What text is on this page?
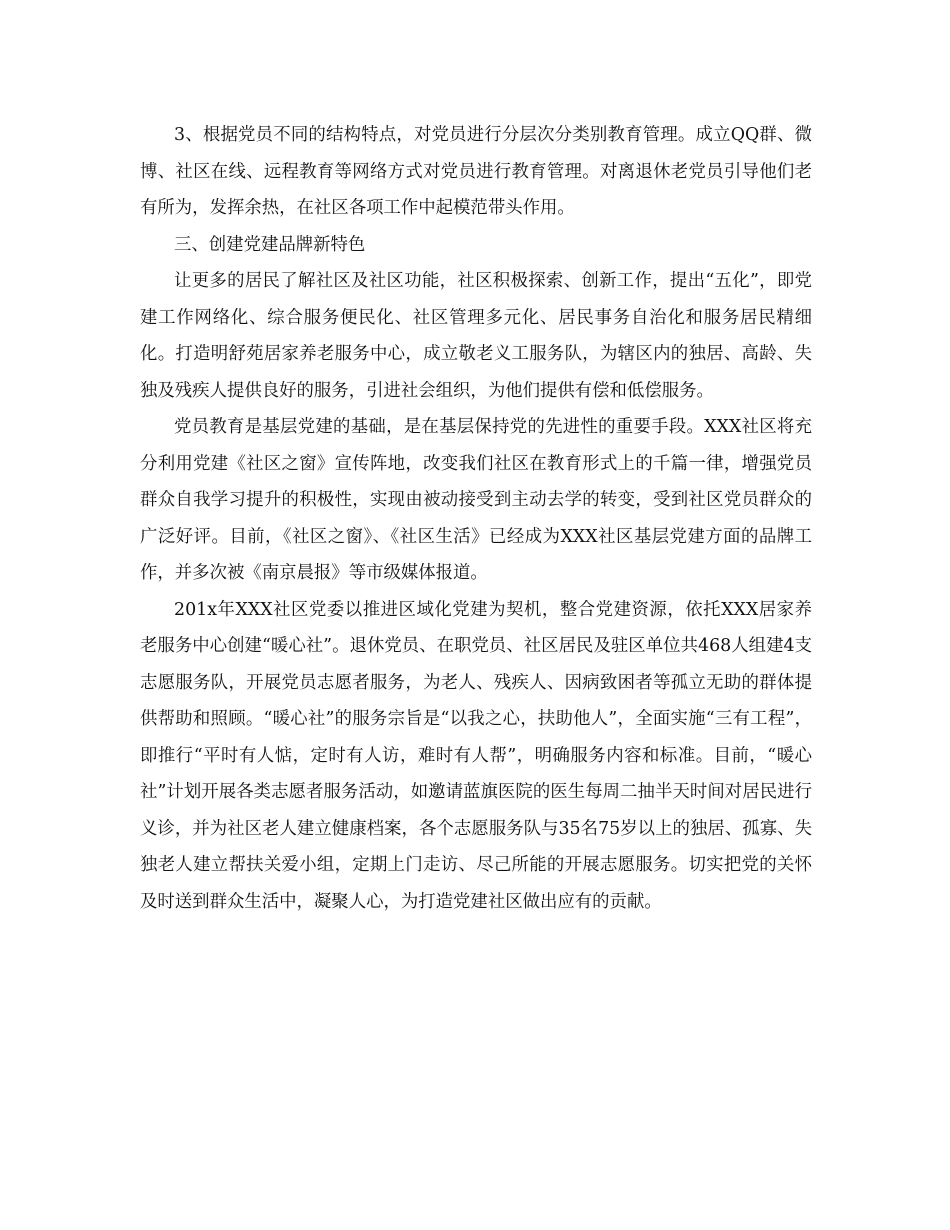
3、根据党员不同的结构特点，对党员进行分层次分类别教育管理。成立QQ群、微博、社区在线、远程教育等网络方式对党员进行教育管理。对离退休老党员引导他们老有所为，发挥余热，在社区各项工作中起模范带头作用。

三、创建党建品牌新特色

让更多的居民了解社区及社区功能，社区积极探索、创新工作，提出“五化”，即党建工作网络化、综合服务便民化、社区管理多元化、居民事务自治化和服务居民精细化。打造明舒苑居家养老服务中心，成立敬老义工服务队，为辖区内的独居、高龄、失独及残疾人提供良好的服务，引进社会组织，为他们提供有偿和低偿服务。

党员教育是基层党建的基础，是在基层保持党的先进性的重要手段。XXX社区将充分利用党建《社区之窗》宣传阵地，改变我们社区在教育形式上的千篇一律，增强党员群众自我学习提升的积极性，实现由被动接受到主动去学的转变，受到社区党员群众的广泛好评。目前，《社区之窗》、《社区生活》已经成为XXX社区基层党建方面的品牌工作，并多次被《南京晨报》等市级媒体报道。

201x年XXX社区党委以推进区域化党建为契机，整合党建资源，依托XXX居家养老服务中心创建“暖心社”。退休党员、在职党员、社区居民及驻区单位共468人组建4支志愿服务队，开展党员志愿者服务，为老人、残疾人、因病致困者等孤立无助的群体提供帮助和照顾。“暖心社”的服务宗旨是“以我之心，扶助他人”，全面实施“三有工程”，即推行“平时有人惦，定时有人访，难时有人帮”，明确服务内容和标准。目前，“暖心社”计划开展各类志愿者服务活动，如邀请蓝旗医院的医生每周二抽半天时间对居民进行义诊，并为社区老人建立健康档案，各个志愿服务队与35名75岁以上的独居、孤寡、失独老人建立帮扶关爱小组，定期上门走访、尽己所能的开展志愿服务。切实把党的关怀及时送到群众生活中，凝聚人心，为打造党建社区做出应有的贡献。
